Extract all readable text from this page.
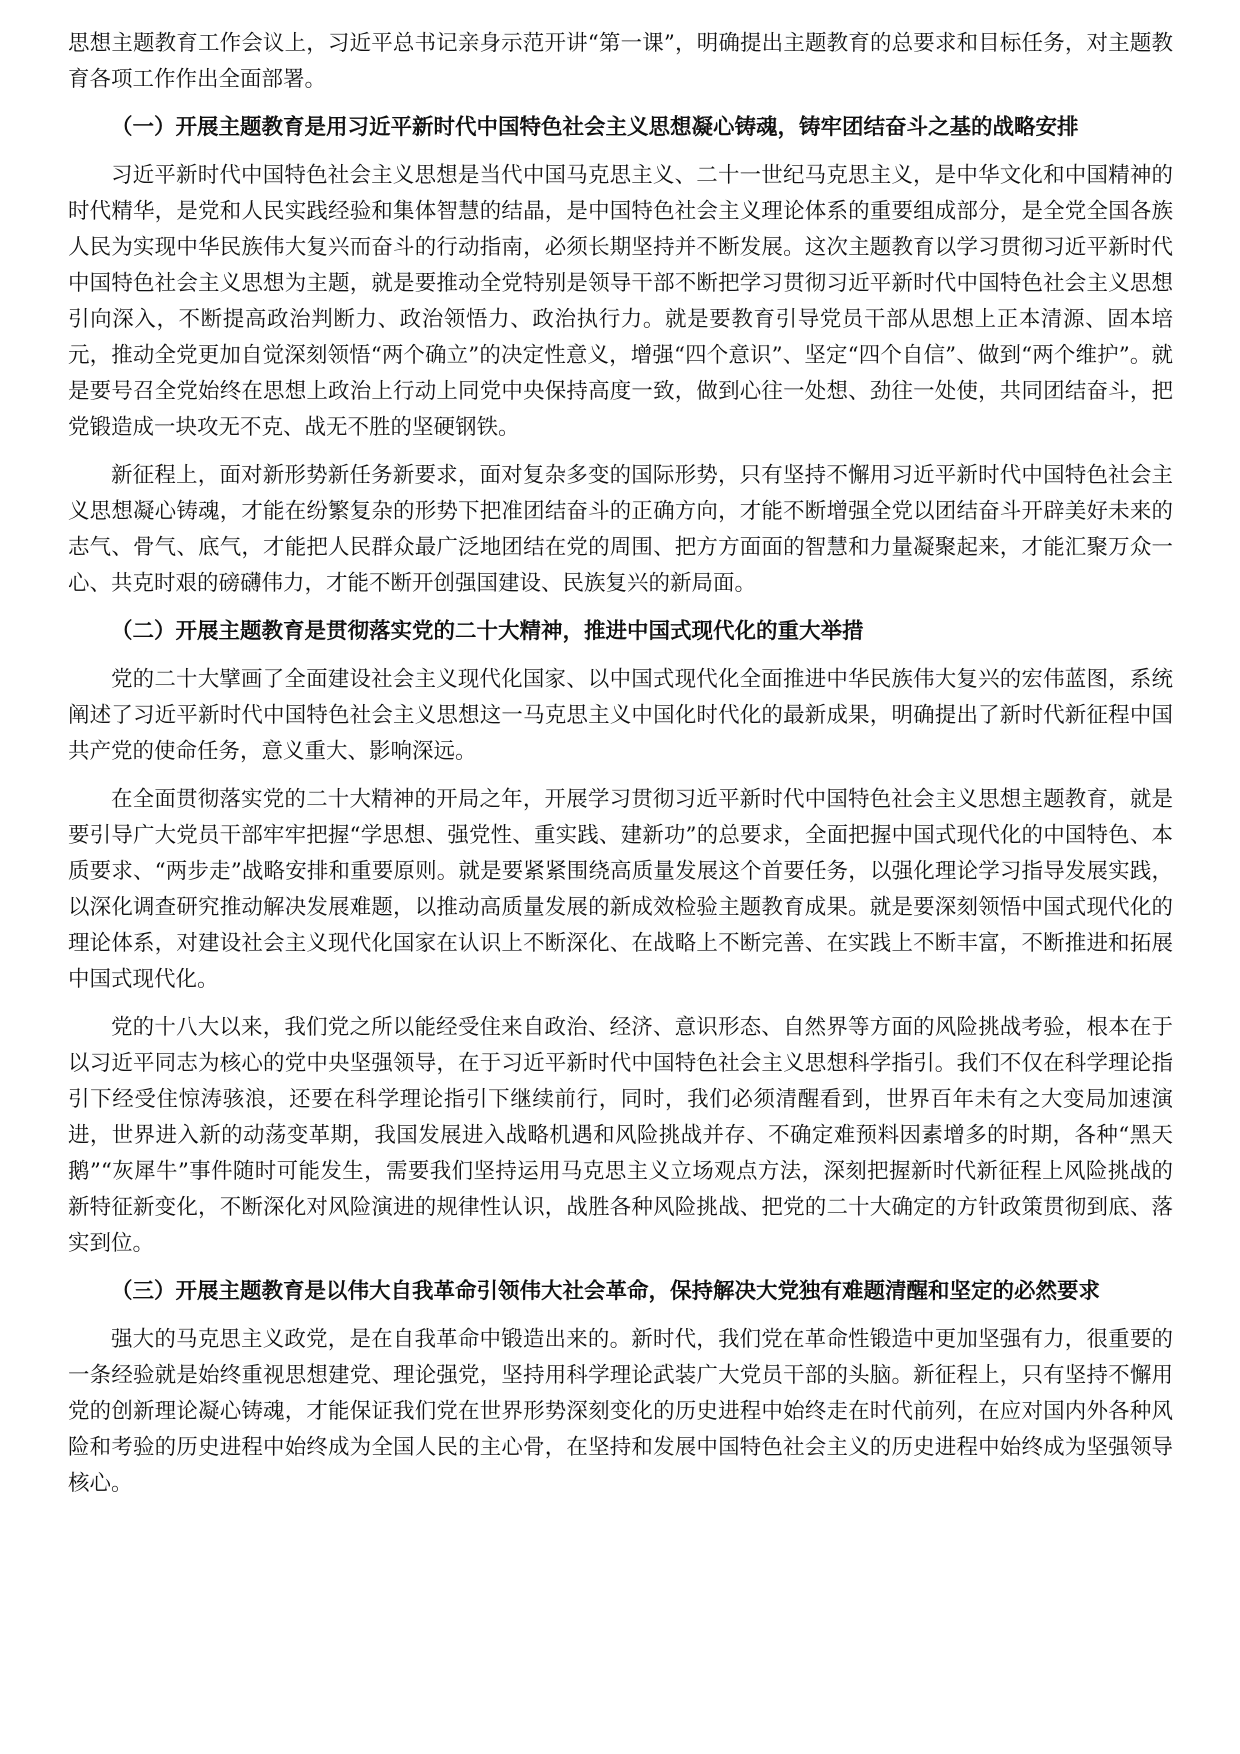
思想主题教育工作会议上，习近平总书记亲身示范开讲“第一课”，明确提出主题教育的总要求和目标任务，对主题教育各项工作作出全面部署。

（一）开展主题教育是用习近平新时代中国特色社会主义思想凝心铸魂，铸牢团结奋斗之基的战略安排

习近平新时代中国特色社会主义思想是当代中国马克思主义、二十一世纪马克思主义，是中华文化和中国精神的时代精华，是党和人民实践经验和集体智慧的结晶，是中国特色社会主义理论体系的重要组成部分，是全党全国各族人民为实现中华民族伟大复兴而奋斗的行动指南，必须长期坚持并不断发展。这次主题教育以学习贯彻习近平新时代中国特色社会主义思想为主题，就是要推动全党特别是领导干部不断把学习贯彻习近平新时代中国特色社会主义思想引向深入，不断提高政治判断力、政治领悟力、政治执行力。就是要教育引导党员干部从思想上正本清源、固本培元，推动全党更加自觉深刻领悟“两个确立”的决定性意义，增强“四个意识”、坚定“四个自信”、做到“两个维护”。就是要号召全党始终在思想上政治上行动上同党中央保持高度一致，做到心往一处想、劲往一处使，共同团结奋斗，把党锻造成一块攻无不克、战无不胜的坚硬钢铁。

新征程上，面对新形势新任务新要求，面对复杂多变的国际形势，只有坚持不懈用习近平新时代中国特色社会主义思想凝心铸魂，才能在纷繁复杂的形势下把准团结奋斗的正确方向，才能不断增强全党以团结奋斗开辟美好未来的志气、骨气、底气，才能把人民群众最广泛地团结在党的周围、把方方面面的智慧和力量凝聚起来，才能汇聚万众一心、共克时艰的磅礴伟力，才能不断开创强国建设、民族复兴的新局面。

（二）开展主题教育是贯彻落实党的二十大精神，推进中国式现代化的重大举措

党的二十大擘画了全面建设社会主义现代化国家、以中国式现代化全面推进中华民族伟大复兴的宏伟蓝图，系统阐述了习近平新时代中国特色社会主义思想这一马克思主义中国化时代化的最新成果，明确提出了新时代新征程中国共产党的使命任务，意义重大、影响深远。

在全面贯彻落实党的二十大精神的开局之年，开展学习贯彻习近平新时代中国特色社会主义思想主题教育，就是要引导广大党员干部牢牢把握“学思想、强党性、重实践、建新功”的总要求，全面把握中国式现代化的中国特色、本质要求、“两步走”战略安排和重要原则。就是要紧紧围绕高质量发展这个首要任务，以强化理论学习指导发展实践，以深化调查研究推动解决发展难题，以推动高质量发展的新成效检验主题教育成果。就是要深刻领悟中国式现代化的理论体系，对建设社会主义现代化国家在认识上不断深化、在战略上不断完善、在实践上不断丰富，不断推进和拓展中国式现代化。

党的十八大以来，我们党之所以能经受住来自政治、经济、意识形态、自然界等方面的风险挑战考验，根本在于以习近平同志为核心的党中央坚强领导，在于习近平新时代中国特色社会主义思想科学指引。我们不仅在科学理论指引下经受住惊涛骇浪，还要在科学理论指引下继续前行，同时，我们必须清醒看到，世界百年未有之大变局加速演进，世界进入新的动荡变革期，我国发展进入战略机遇和风险挑战并存、不确定难预料因素增多的时期，各种“黑天鹅”“灰犀牛”事件随时可能发生，需要我们坚持运用马克思主义立场观点方法，深刻把握新时代新征程上风险挑战的新特征新变化，不断深化对风险演进的规律性认识，战胜各种风险挑战、把党的二十大确定的方针政策贯彻到底、落实到位。

（三）开展主题教育是以伟大自我革命引领伟大社会革命，保持解决大党独有难题清醒和坚定的必然要求

强大的马克思主义政党，是在自我革命中锻造出来的。新时代，我们党在革命性锻造中更加坚强有力，很重要的一条经验就是始终重视思想建党、理论强党，坚持用科学理论武装广大党员干部的头脑。新征程上，只有坚持不懈用党的创新理论凝心铸魂，才能保证我们党在世界形势深刻变化的历史进程中始终走在时代前列，在应对国内外各种风险和考验的历史进程中始终成为全国人民的主心骨，在坚持和发展中国特色社会主义的历史进程中始终成为坚强领导核心。
